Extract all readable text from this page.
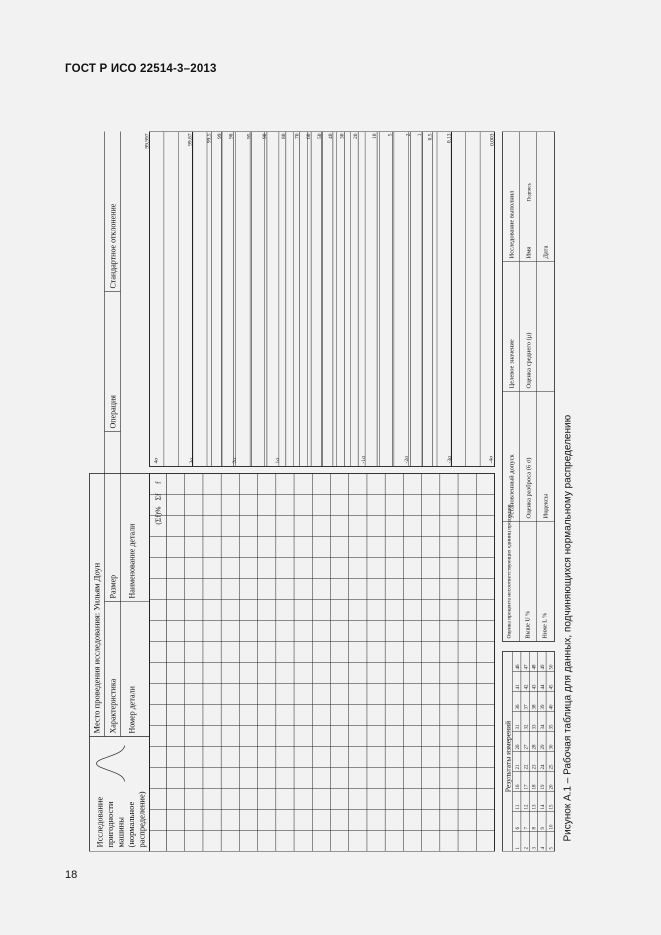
ГОСТ Р ИСО 22514-3–2013
Исследование пригодности машины (нормальное распределение)
Место проведения исследования: Уильям Доун Характеристика
Размер
Операция
Стандартное отклонение
Номер детали
Наименование детали
f
Σf
(Σf)%
0,003
0,13
0,5
1
2
5
10
20
30
40
50
60
70
80
90
95
98
99
99,5
99,87
99,997
-4σ
-3σ
-2σ
-1σ
1σ
2σ
3σ
4σ
Результаты измерений
1
6
11
16
21
26
31
36
41
46
2
7
12
17
22
27
32
37
42
47
3
8
13
18
23
28
33
38
43
48
4
9
14
19
24
29
34
39
44
49
5
10
15
20
25
30
35
40
45
50
Оценка процента несоответствующих единиц продукции Выше U % Ниже L %
Установленный допуск Оценка разброса (6 σ) Индексы
Целевое значение Оценка среднего (μ)
Исследование выполнил Имя
Подпись
Дата
Рисунок А.1 – Рабочая таблица для данных, подчиняющихся нормальному распределению
18
